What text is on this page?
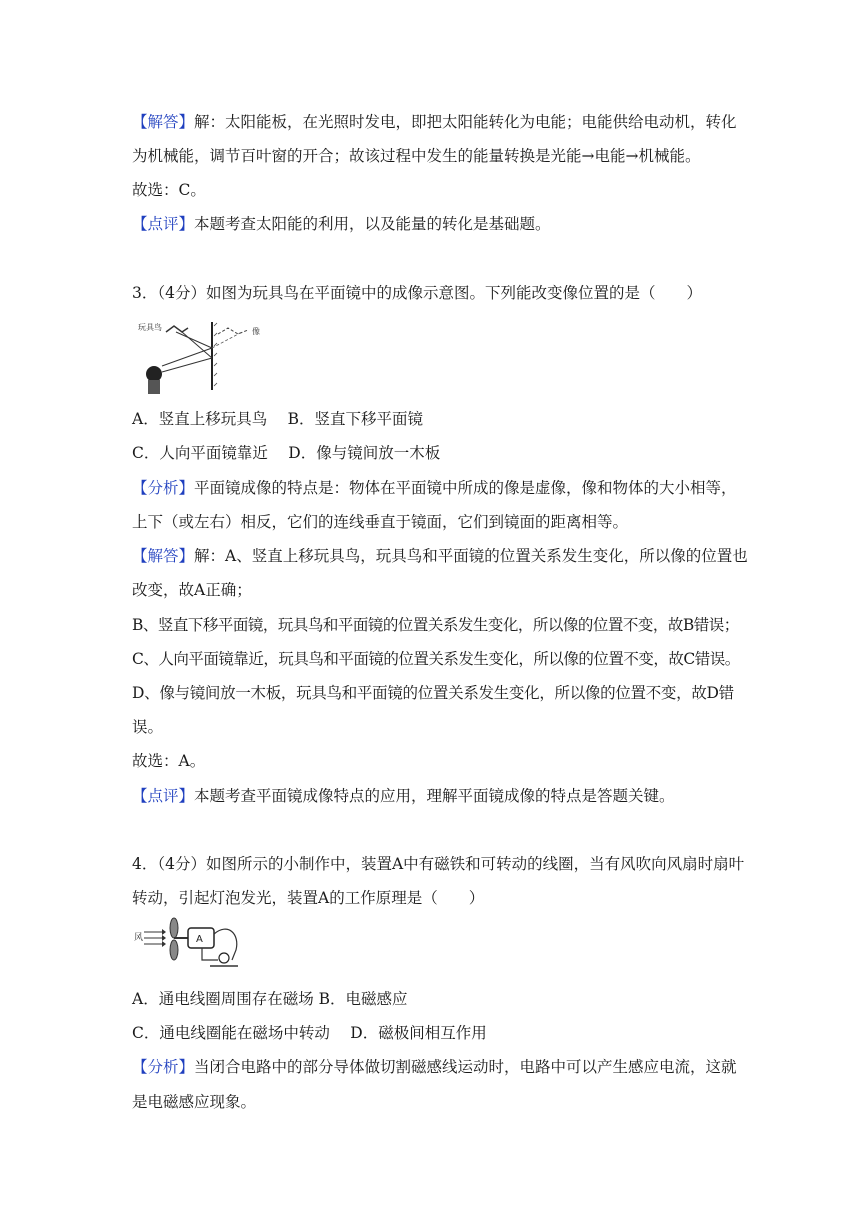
【解答】解：太阳能板，在光照时发电，即把太阳能转化为电能；电能供给电动机，转化
为机械能，调节百叶窗的开合；故该过程中发生的能量转换是光能→电能→机械能。
故选：C。
【点评】本题考查太阳能的利用，以及能量的转化是基础题。
3．（4分）如图为玩具鸟在平面镜中的成像示意图。下列能改变像位置的是（　　）
玩具鸟	像
A．竖直上移玩具鸟　 B．竖直下移平面镜
C．人向平面镜靠近　 D．像与镜间放一木板
【分析】平面镜成像的特点是：物体在平面镜中所成的像是虚像，像和物体的大小相等，
上下（或左右）相反，它们的连线垂直于镜面，它们到镜面的距离相等。
【解答】解：A、竖直上移玩具鸟，玩具鸟和平面镜的位置关系发生变化，所以像的位置也
改变，故A正确；
B、竖直下移平面镜，玩具鸟和平面镜的位置关系发生变化，所以像的位置不变，故B错误；
C、人向平面镜靠近，玩具鸟和平面镜的位置关系发生变化，所以像的位置不变，故C错误。
D、像与镜间放一木板，玩具鸟和平面镜的位置关系发生变化，所以像的位置不变，故D错
误。
故选：A。
【点评】本题考查平面镜成像特点的应用，理解平面镜成像的特点是答题关键。
4．（4分）如图所示的小制作中，装置A中有磁铁和可转动的线圈，当有风吹向风扇时扇叶
转动，引起灯泡发光，装置A的工作原理是（　　）
风	A
A．通电线圈周围存在磁场 B．电磁感应
C．通电线圈能在磁场中转动　 D．磁极间相互作用
【分析】当闭合电路中的部分导体做切割磁感线运动时，电路中可以产生感应电流，这就
是电磁感应现象。
